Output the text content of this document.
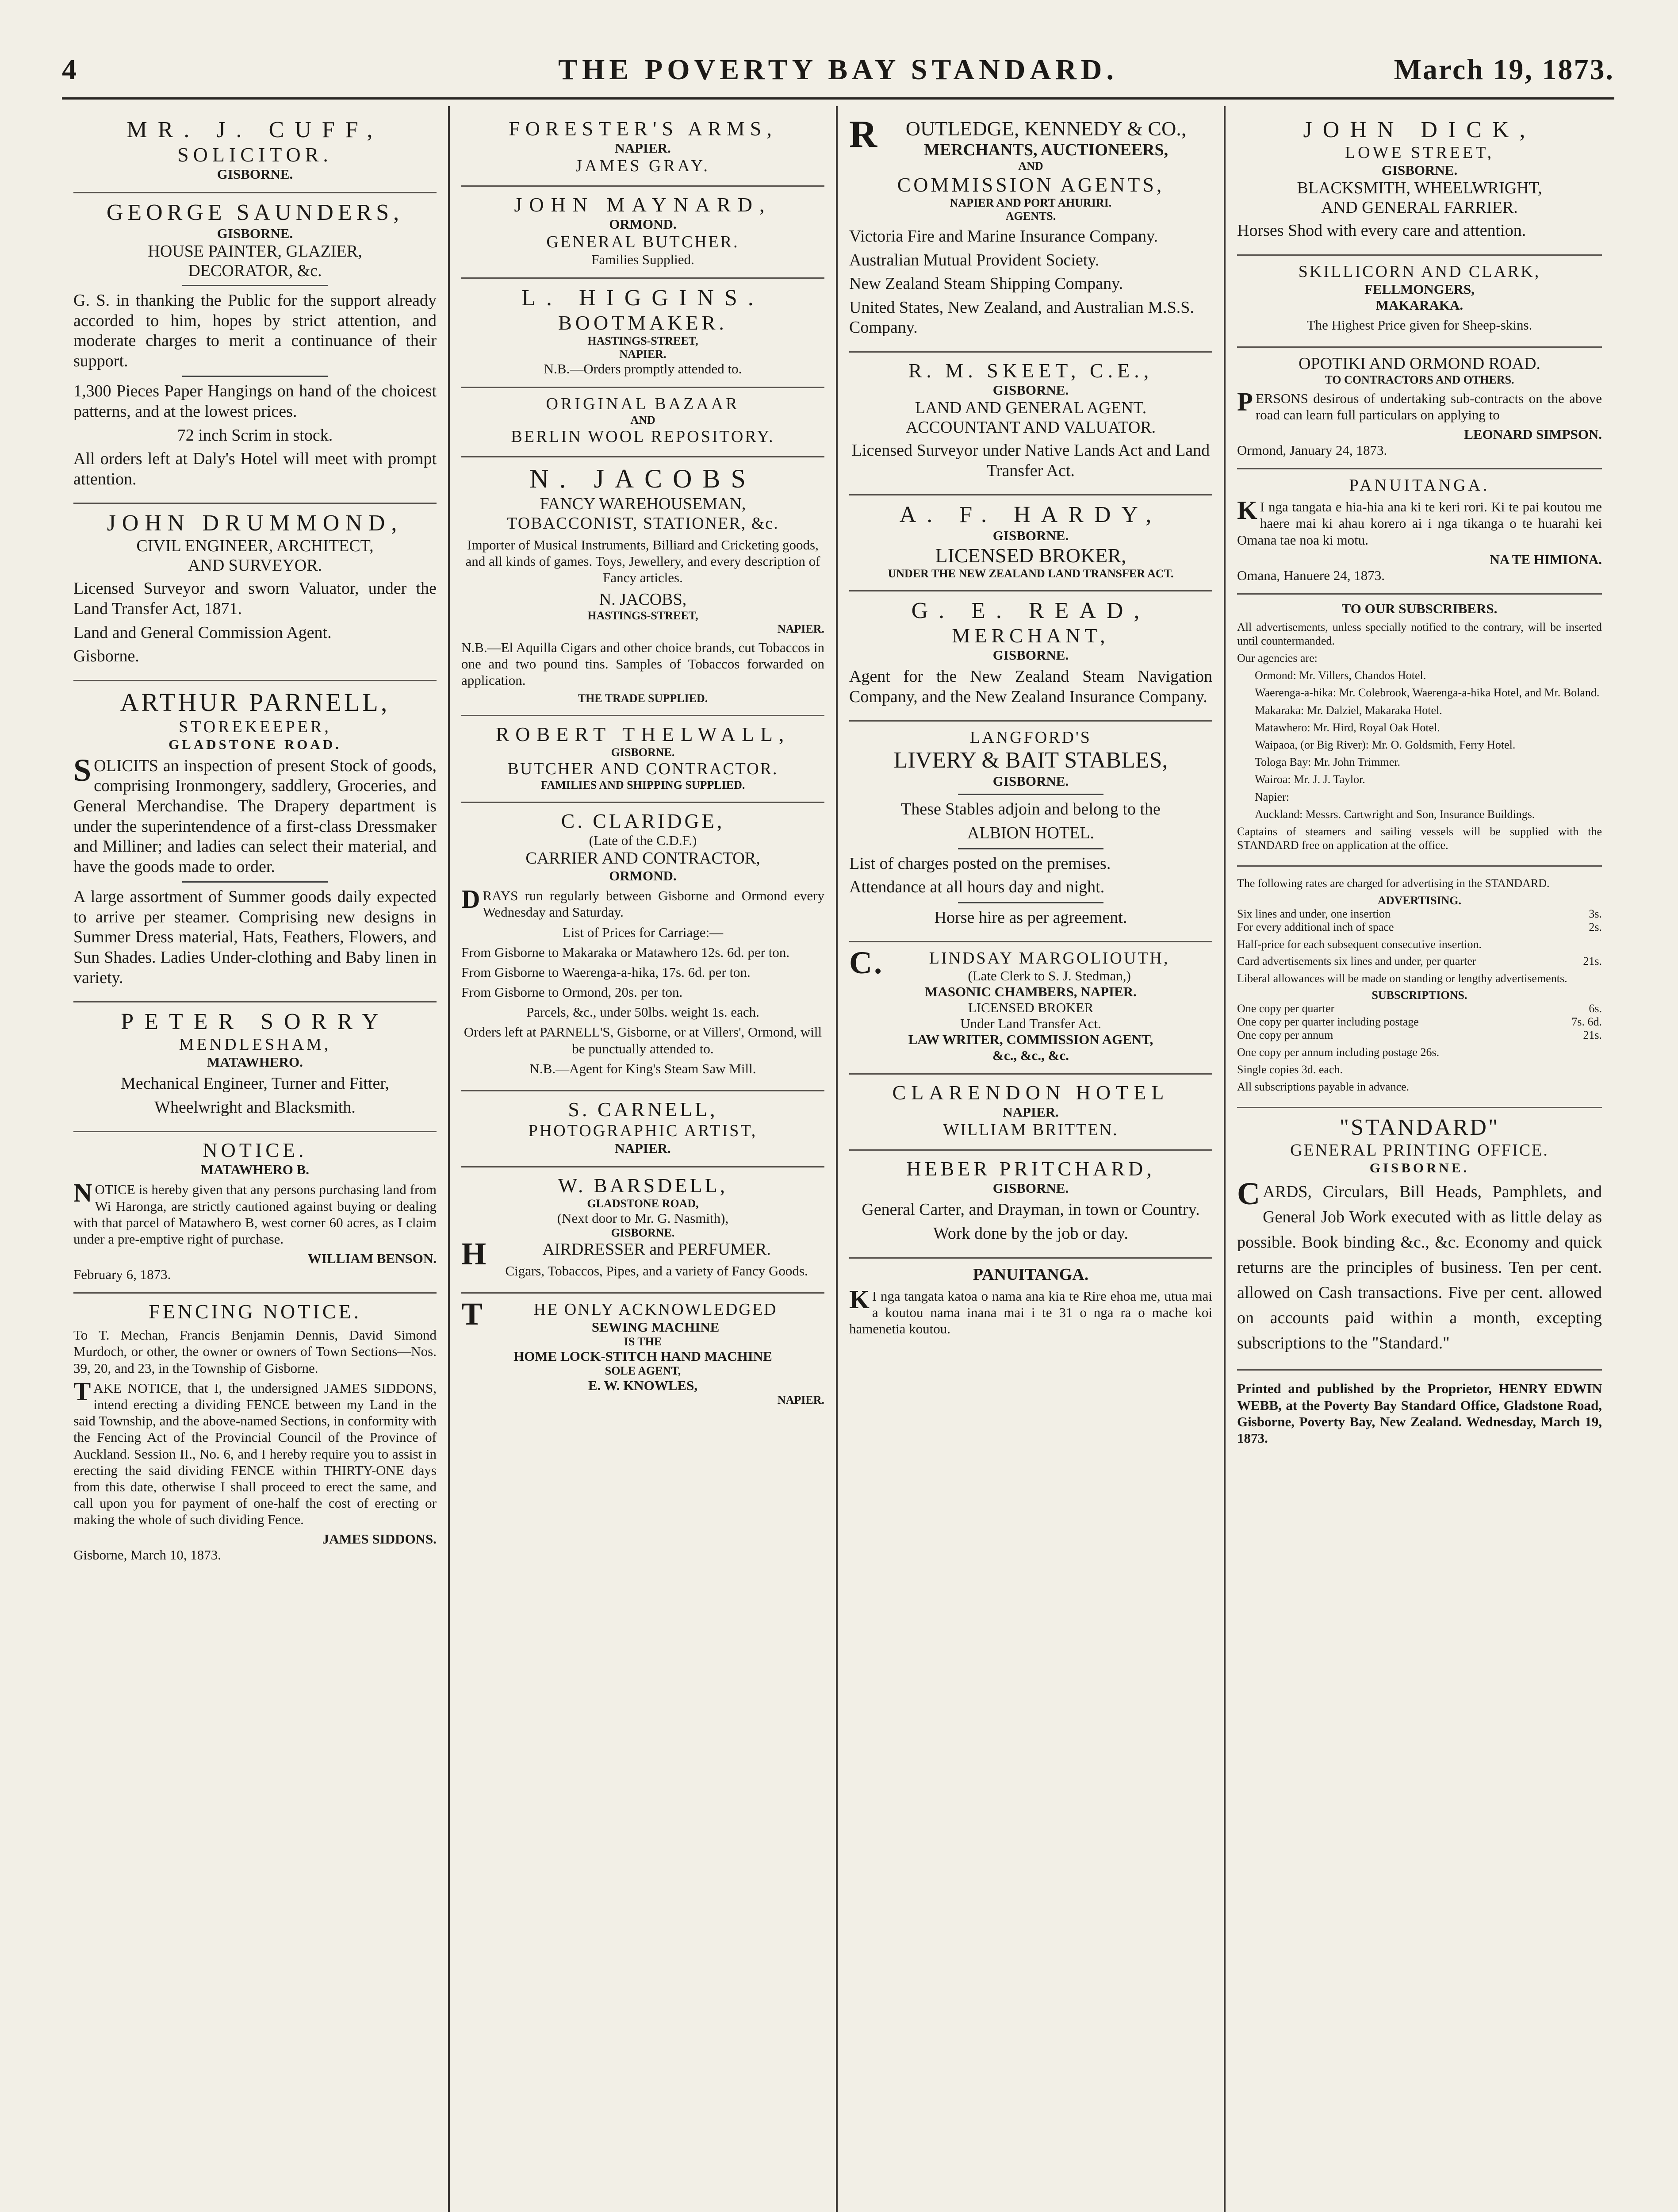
4	THE POVERTY BAY STANDARD.	March 19, 1873.
MR. J. CUFF,
SOLICITOR.
GISBORNE.
GEORGE SAUNDERS,
GISBORNE.
HOUSE PAINTER, GLAZIER,
DECORATOR, &c.

G. S. in thanking the Public for the support already accorded to him, hopes by strict attention, and moderate charges to merit a continuance of their support.

1,300 Pieces Paper Hangings on hand of the choicest patterns, and at the lowest prices.

72 inch Scrim in stock.

All orders left at Daly's Hotel will meet with prompt attention.

JOHN DRUMMOND,
CIVIL ENGINEER, ARCHITECT,
AND SURVEYOR.

Licensed Surveyor and sworn Valuator, under the Land Transfer Act, 1871.

Land and General Commission Agent.

Gisborne.

ARTHUR PARNELL,
STOREKEEPER,
GLADSTONE ROAD.

SOLICITS an inspection of present Stock of goods, comprising Ironmongery, saddlery, Groceries, and General Merchandise. The Drapery department is under the superintendence of a first-class Dressmaker and Milliner; and ladies can select their material, and have the goods made to order.

A large assortment of Summer goods daily expected to arrive per steamer. Comprising new designs in Summer Dress material, Hats, Feathers, Flowers, and Sun Shades. Ladies Under-clothing and Baby linen in variety.

PETER SORRY
MENDLESHAM,
MATAWHERO.

Mechanical Engineer, Turner and Fitter,

Wheelwright and Blacksmith.

NOTICE.
MATAWHERO B.

NOTICE is hereby given that any persons purchasing land from Wi Haronga, are strictly cautioned against buying or dealing with that parcel of Matawhero B, west corner 60 acres, as I claim under a pre-emptive right of purchase.

WILLIAM BENSON.
February 6, 1873.
FENCING NOTICE.

To T. Mechan, Francis Benjamin Dennis, David Simond Murdoch, or other, the owner or owners of Town Sections—Nos. 39, 20, and 23, in the Township of Gisborne.

TAKE NOTICE, that I, the undersigned JAMES SIDDONS, intend erecting a dividing FENCE between my Land in the said Township, and the above-named Sections, in conformity with the Fencing Act of the Provincial Council of the Province of Auckland. Session II., No. 6, and I hereby require you to assist in erecting the said dividing FENCE within THIRTY-ONE days from this date, otherwise I shall proceed to erect the same, and call upon you for payment of one-half the cost of erecting or making the whole of such dividing Fence.

JAMES SIDDONS.
Gisborne, March 10, 1873.
FORESTER'S ARMS,
NAPIER.
JAMES GRAY.
JOHN MAYNARD,
ORMOND.
GENERAL BUTCHER.
Families Supplied.
L. HIGGINS.
BOOTMAKER.
HASTINGS-STREET,
NAPIER.
N.B.—Orders promptly attended to.
ORIGINAL BAZAAR
AND
BERLIN WOOL REPOSITORY.
N. JACOBS
FANCY WAREHOUSEMAN,
TOBACCONIST, STATIONER, &c.

Importer of Musical Instruments, Billiard and Cricketing goods, and all kinds of games. Toys, Jewellery, and every description of Fancy articles.

N. JACOBS,
HASTINGS-STREET,
NAPIER.

N.B.—El Aquilla Cigars and other choice brands, cut Tobaccos in one and two pound tins. Samples of Tobaccos forwarded on application.

THE TRADE SUPPLIED.
ROBERT THELWALL,
GISBORNE.
BUTCHER AND CONTRACTOR.
FAMILIES AND SHIPPING SUPPLIED.
C. CLARIDGE,
(Late of the C.D.F.)
CARRIER AND CONTRACTOR,
ORMOND.

DRAYS run regularly between Gisborne and Ormond every Wednesday and Saturday.

List of Prices for Carriage:—

From Gisborne to Makaraka or Matawhero 12s. 6d. per ton.

From Gisborne to Waerenga-a-hika, 17s. 6d. per ton.

From Gisborne to Ormond, 20s. per ton.

Parcels, &c., under 50lbs. weight 1s. each.

Orders left at PARNELL'S, Gisborne, or at Villers', Ormond, will be punctually attended to.

N.B.—Agent for King's Steam Saw Mill.

S. CARNELL,
PHOTOGRAPHIC ARTIST,
NAPIER.
W. BARSDELL,
GLADSTONE ROAD,
(Next door to Mr. G. Nasmith),
GISBORNE.
HAIRDRESSER and PERFUMER.

Cigars, Tobaccos, Pipes, and a variety of Fancy Goods.

THE ONLY ACKNOWLEDGED
SEWING MACHINE
IS THE
HOME LOCK-STITCH HAND MACHINE
SOLE AGENT,
E. W. KNOWLES,
NAPIER.
ROUTLEDGE, KENNEDY & CO.,
MERCHANTS, AUCTIONEERS,
AND
COMMISSION AGENTS,
NAPIER AND PORT AHURIRI.
AGENTS.

Victoria Fire and Marine Insurance Company.

Australian Mutual Provident Society.

New Zealand Steam Shipping Company.

United States, New Zealand, and Australian M.S.S. Company.

R. M. SKEET, C.E.,
GISBORNE.
LAND AND GENERAL AGENT.
ACCOUNTANT AND VALUATOR.

Licensed Surveyor under Native Lands Act and Land Transfer Act.

A. F. HARDY,
GISBORNE.
LICENSED BROKER,
UNDER THE NEW ZEALAND LAND TRANSFER ACT.
G. E. READ,
MERCHANT,
GISBORNE.

Agent for the New Zealand Steam Navigation Company, and the New Zealand Insurance Company.

LANGFORD'S
LIVERY & BAIT STABLES,
GISBORNE.

These Stables adjoin and belong to the

ALBION HOTEL.

List of charges posted on the premises.

Attendance at all hours day and night.

Horse hire as per agreement.

C.LINDSAY MARGOLIOUTH,
(Late Clerk to S. J. Stedman,)
MASONIC CHAMBERS, NAPIER.
LICENSED BROKER
Under Land Transfer Act.
LAW WRITER, COMMISSION AGENT,
&c., &c., &c.
CLARENDON HOTEL
NAPIER.
WILLIAM BRITTEN.
HEBER PRITCHARD,
GISBORNE.

General Carter, and Drayman, in town or Country.

Work done by the job or day.

PANUITANGA.

KI nga tangata katoa o nama ana kia te Rire ehoa me, utua mai a koutou nama inana mai i te 31 o nga ra o mache koi hamenetia koutou.

JOHN DICK,
LOWE STREET,
GISBORNE.
BLACKSMITH, WHEELWRIGHT,
AND GENERAL FARRIER.

Horses Shod with every care and attention.

SKILLICORN AND CLARK,
FELLMONGERS,
MAKARAKA.

The Highest Price given for Sheep-skins.

OPOTIKI AND ORMOND ROAD.
TO CONTRACTORS AND OTHERS.

PERSONS desirous of undertaking sub-contracts on the above road can learn full particulars on applying to

LEONARD SIMPSON.
Ormond, January 24, 1873.
PANUITANGA.

KI nga tangata e hia-hia ana ki te keri rori. Ki te pai koutou me haere mai ki ahau korero ai i nga tikanga o te huarahi kei Omana tae noa ki motu.

NA TE HIMIONA.
Omana, Hanuere 24, 1873.
TO OUR SUBSCRIBERS.

All advertisements, unless specially notified to the contrary, will be inserted until countermanded.

Our agencies are:

Ormond: Mr. Villers, Chandos Hotel.

Waerenga-a-hika: Mr. Colebrook, Waerenga-a-hika Hotel, and Mr. Boland.

Makaraka: Mr. Dalziel, Makaraka Hotel.

Matawhero: Mr. Hird, Royal Oak Hotel.

Waipaoa, (or Big River): Mr. O. Goldsmith, Ferry Hotel.

Tologa Bay: Mr. John Trimmer.

Wairoa: Mr. J. J. Taylor.

Napier:

Auckland: Messrs. Cartwright and Son, Insurance Buildings.

Captains of steamers and sailing vessels will be supplied with the STANDARD free on application at the office.

The following rates are charged for advertising in the STANDARD.

ADVERTISING.
Six lines and under, one insertion	3s.
For every additional inch of space	2s.

Half-price for each subsequent consecutive insertion.

Card advertisements six lines and under, per quarter	21s.

Liberal allowances will be made on standing or lengthy advertisements.

SUBSCRIPTIONS.
One copy per quarter	6s.
One copy per quarter including postage	7s. 6d.
One copy per annum	21s.

One copy per annum including postage 26s.

Single copies 3d. each.

All subscriptions payable in advance.

"STANDARD"
GENERAL PRINTING OFFICE.
GISBORNE.

CARDS, Circulars, Bill Heads, Pamphlets, and General Job Work executed with as little delay as possible. Book binding &c., &c. Economy and quick returns are the principles of business. Ten per cent. allowed on Cash transactions. Five per cent. allowed on accounts paid within a month, excepting subscriptions to the "Standard."

Printed and published by the Proprietor, HENRY EDWIN WEBB, at the Poverty Bay Standard Office, Gladstone Road, Gisborne, Poverty Bay, New Zealand. Wednesday, March 19, 1873.
